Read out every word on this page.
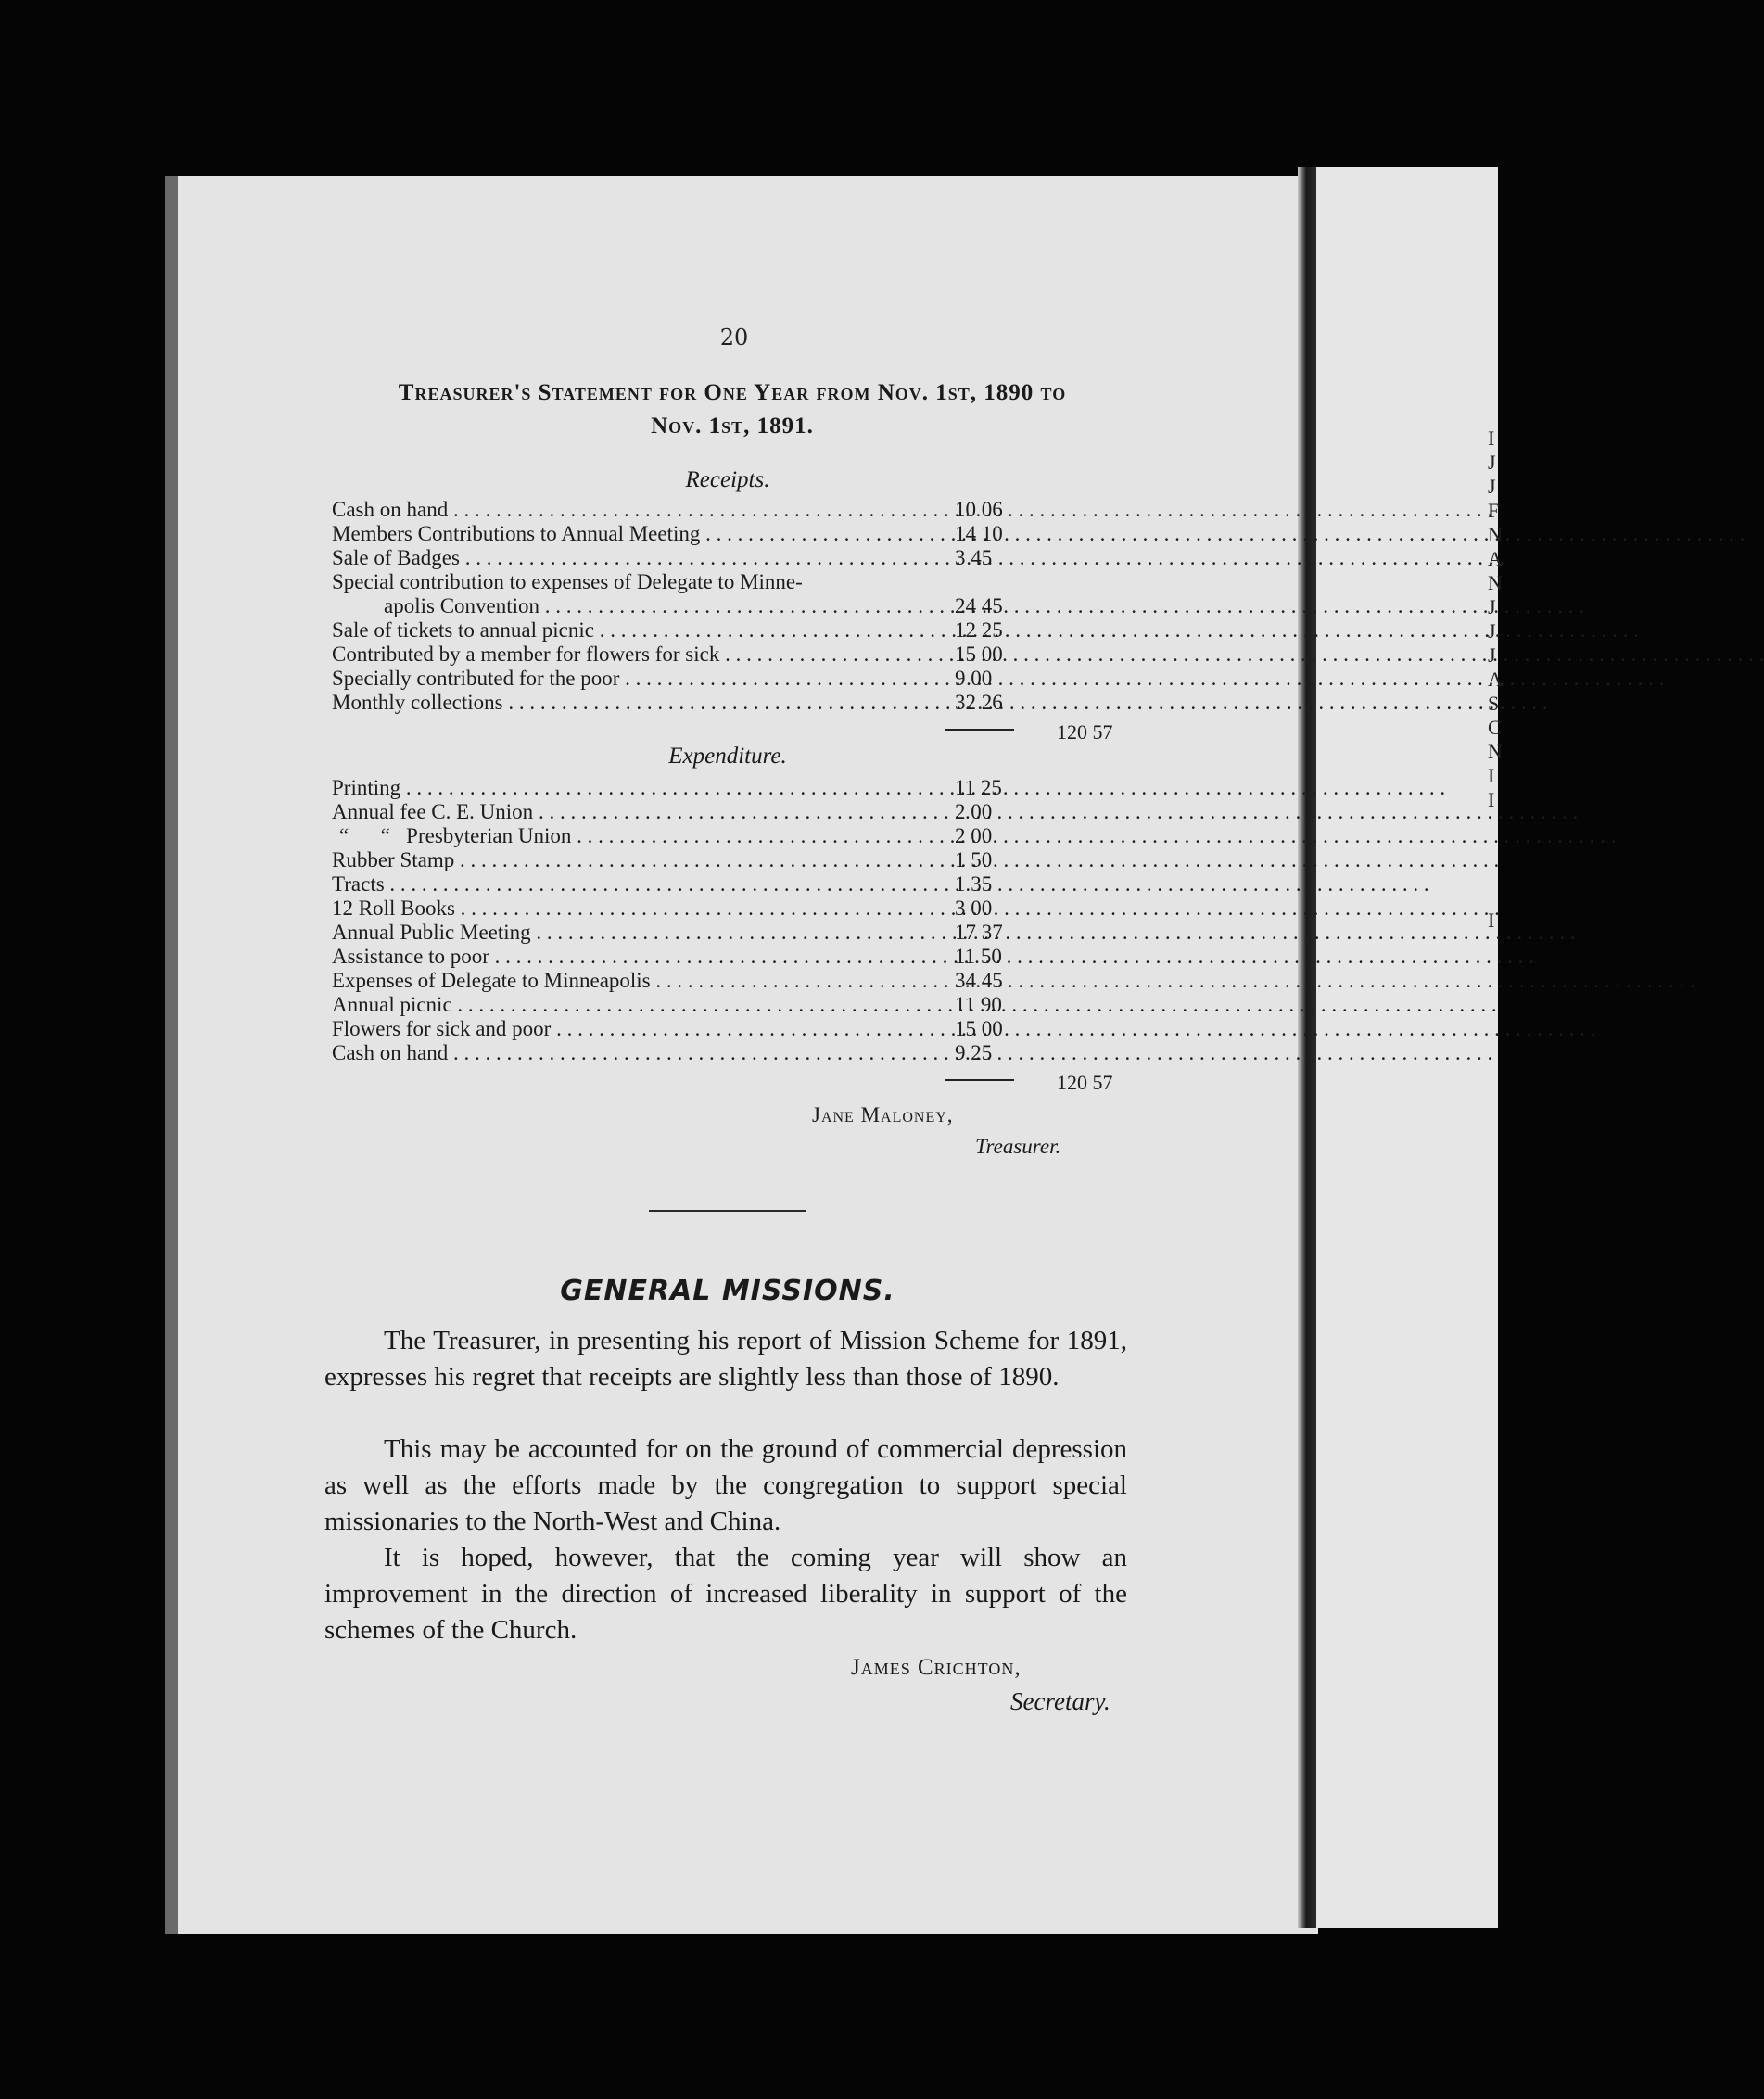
I
J
J
F
N
A
N
J
J
J
A
S
C
N
I
I
I
20
Treasurer's Statement for One Year from Nov. 1st, 1890 to
Nov. 1st, 1891.
Receipts.
Cash on hand . . .	10 06
Members Contributions to Annual Meeting . . .	14 10
Sale of Badges . . .	3 45
Special contribution to expenses of Delegate to Minne-
apolis Convention . . .	24 45
Sale of tickets to annual picnic . . .	12 25
Contributed by a member for flowers for sick . . .	15 00
Specially contributed for the poor . . .	9 00
Monthly collections . . .	32 26
120 57
Expenditure.
Printing . . .	11 25
Annual fee C. E. Union . . .	2 00
“      “   Presbyterian Union . . .	2 00
Rubber Stamp . . .	1 50
Tracts . . .	1 35
12 Roll Books . . .	3 00
Annual Public Meeting . . .	17 37
Assistance to poor . . .	11 50
Expenses of Delegate to Minneapolis . . .	34 45
Annual picnic . . .	11 90
Flowers for sick and poor . . .	15 00
Cash on hand . . .	9 25
120 57
Jane Maloney,
Treasurer.
GENERAL MISSIONS.
The Treasurer, in presenting his report of Mission Scheme for 1891, expresses his regret that receipts are slightly less than those of 1890.
This may be accounted for on the ground of commercial depression as well as the efforts made by the congregation to support special missionaries to the North-West and China.
It is hoped, however, that the coming year will show an improvement in the direction of increased liberality in support of the schemes of the Church.
James Crichton,
Secretary.
